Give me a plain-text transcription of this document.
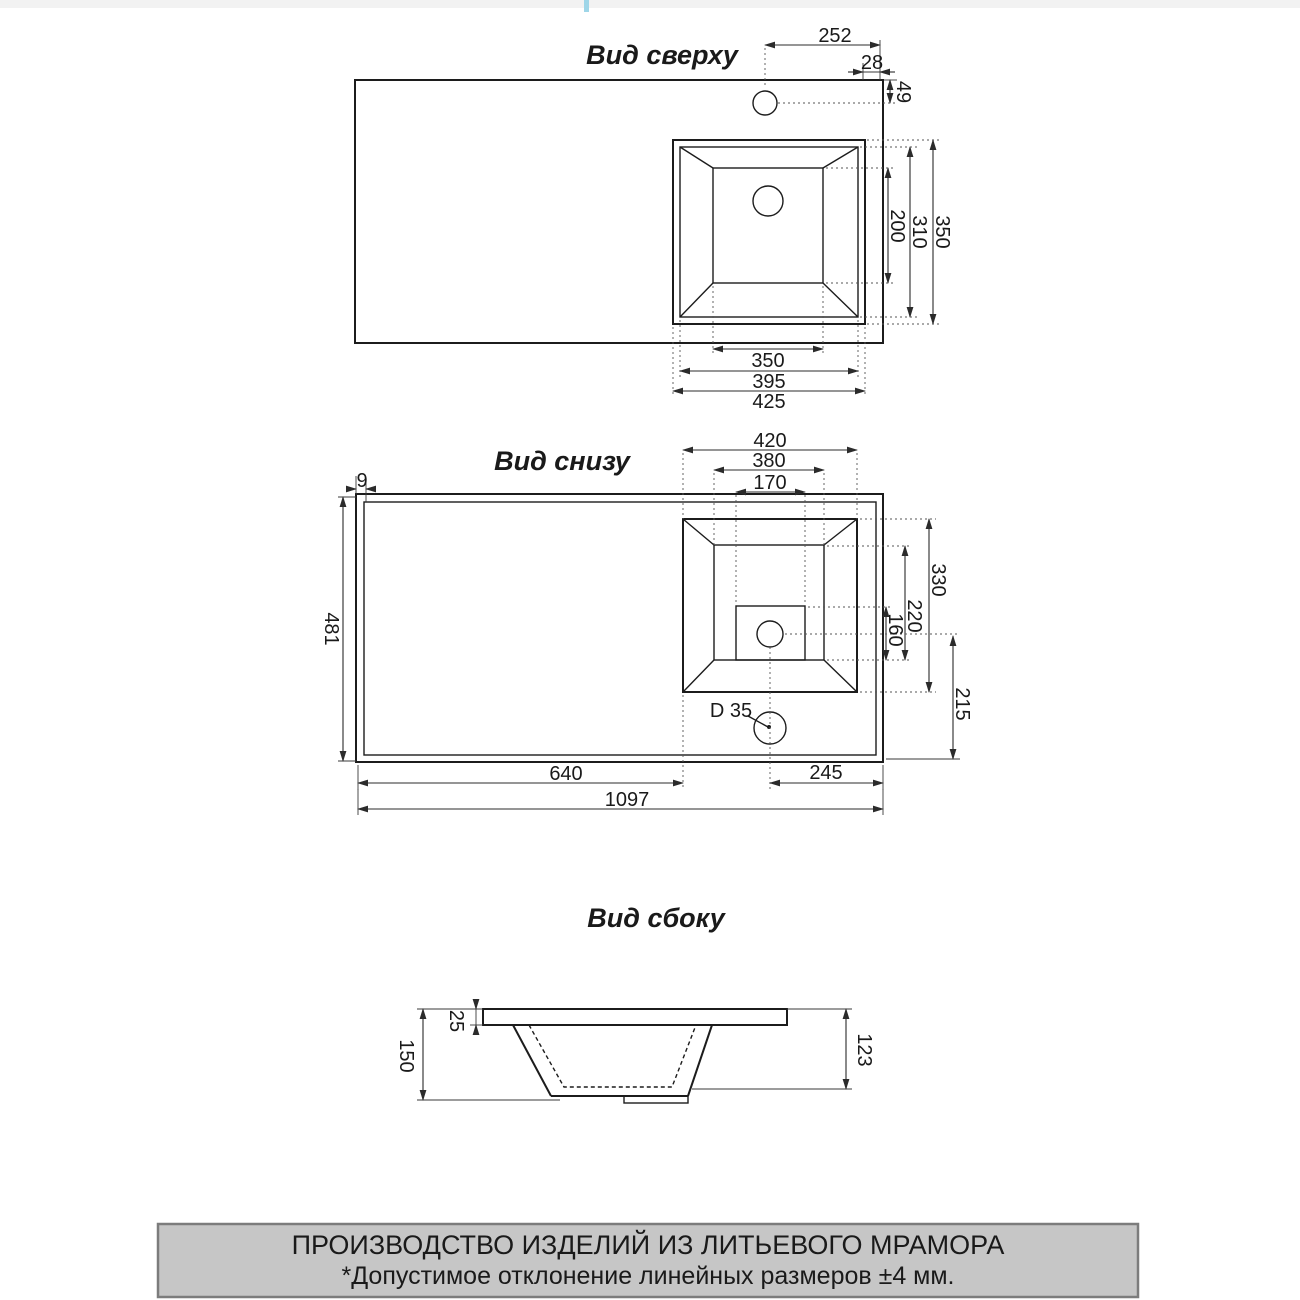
Вид сверху
Вид снизу
Вид сбоку
252
28
49
200 310 350
350
395
425
9
420
380
170
481
330
220
160
215
D 35
640	245
1097
150
25
123
ПРОИЗВОДСТВО ИЗДЕЛИЙ ИЗ ЛИТЬЕВОГО МРАМОРА
*Допустимое отклонение линейных размеров ±4 мм.
